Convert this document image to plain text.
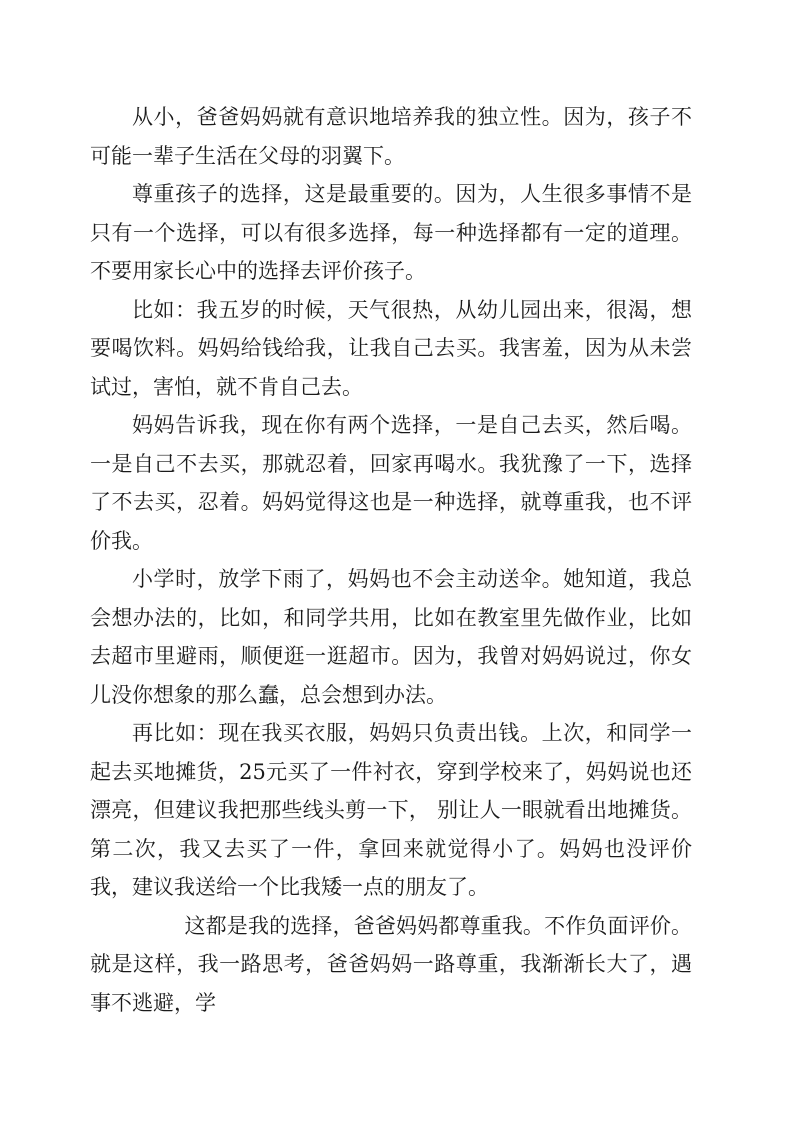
从小，爸爸妈妈就有意识地培养我的独立性。因为，孩子不可能一辈子生活在父母的羽翼下。

尊重孩子的选择，这是最重要的。因为，人生很多事情不是只有一个选择，可以有很多选择，每一种选择都有一定的道理。不要用家长心中的选择去评价孩子。

比如：我五岁的时候，天气很热，从幼儿园出来，很渴，想要喝饮料。妈妈给钱给我，让我自己去买。我害羞，因为从未尝试过，害怕，就不肯自己去。

妈妈告诉我，现在你有两个选择，一是自己去买，然后喝。一是自己不去买，那就忍着，回家再喝水。我犹豫了一下，选择了不去买，忍着。妈妈觉得这也是一种选择，就尊重我，也不评价我。

小学时，放学下雨了，妈妈也不会主动送伞。她知道，我总会想办法的，比如，和同学共用，比如在教室里先做作业，比如去超市里避雨，顺便逛一逛超市。因为，我曾对妈妈说过，你女儿没你想象的那么蠢，总会想到办法。

再比如：现在我买衣服，妈妈只负责出钱。上次，和同学一起去买地摊货，25元买了一件衬衣，穿到学校来了，妈妈说也还漂亮，但建议我把那些线头剪一下， 别让人一眼就看出地摊货。第二次，我又去买了一件，拿回来就觉得小了。妈妈也没评价我，建议我送给一个比我矮一点的朋友了。

这都是我的选择，爸爸妈妈都尊重我。不作负面评价。就是这样，我一路思考，爸爸妈妈一路尊重，我渐渐长大了，遇事不逃避，学
